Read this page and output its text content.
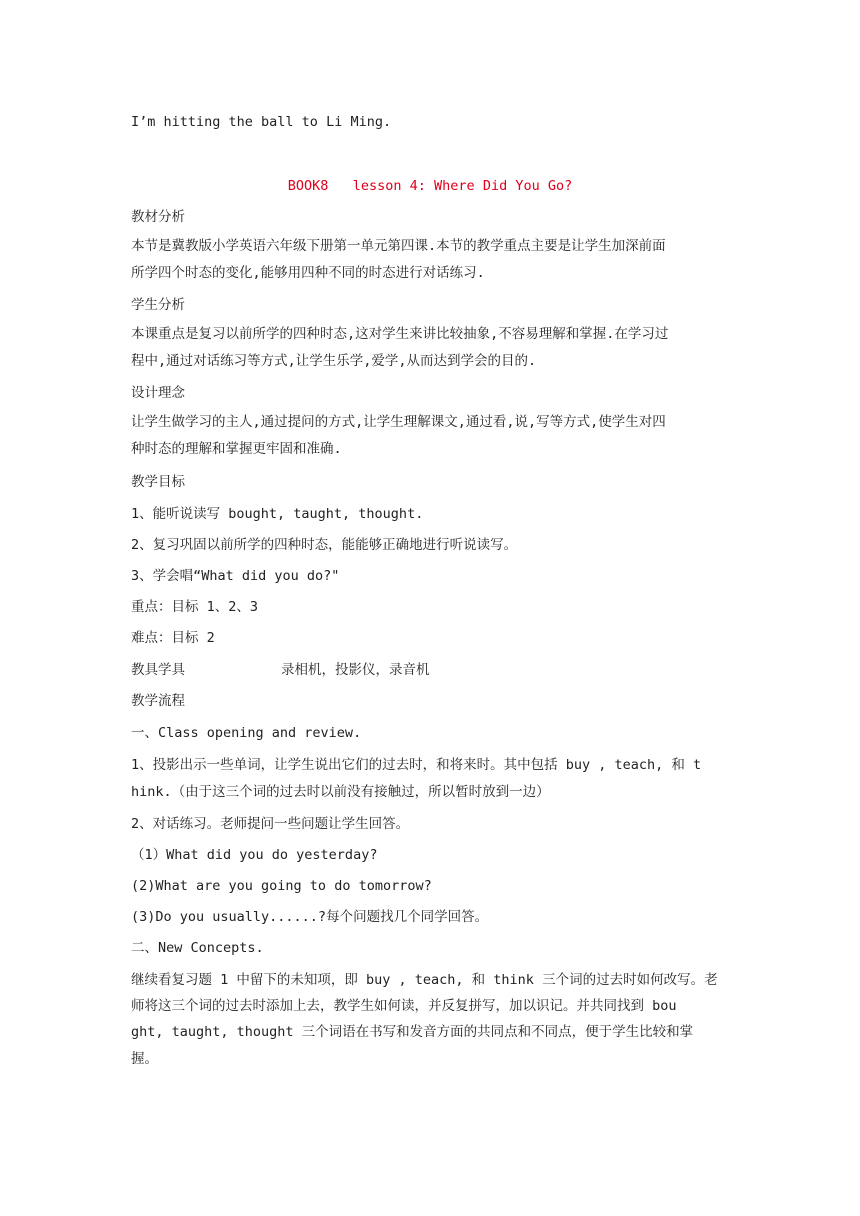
I’m hitting the ball to Li Ming.
BOOK8   lesson 4: Where Did You Go?
教材分析
本节是冀教版小学英语六年级下册第一单元第四课.本节的教学重点主要是让学生加深前面
所学四个时态的变化,能够用四种不同的时态进行对话练习.
学生分析
本课重点是复习以前所学的四种时态,这对学生来讲比较抽象,不容易理解和掌握.在学习过
程中,通过对话练习等方式,让学生乐学,爱学,从而达到学会的目的.
设计理念
让学生做学习的主人,通过提问的方式,让学生理解课文,通过看,说,写等方式,使学生对四
种时态的理解和掌握更牢固和准确.
教学目标
1、能听说读写 bought, taught, thought.
2、复习巩固以前所学的四种时态，能能够正确地进行听说读写。
3、学会唱“What did you do?"
重点：目标 1、2、3
难点：目标 2
教具学具	录相机，投影仪，录音机
教学流程
一、Class opening and review.
1、投影出示一些单词，让学生说出它们的过去时，和将来时。其中包括 buy , teach, 和 t
hink.（由于这三个词的过去时以前没有接触过，所以暂时放到一边）
2、对话练习。老师提问一些问题让学生回答。
（1）What did you do yesterday?
(2)What are you going to do tomorrow?
(3)Do you usually......?每个问题找几个同学回答。
二、New Concepts.
继续看复习题 1 中留下的未知项，即 buy , teach, 和 think 三个词的过去时如何改写。老
师将这三个词的过去时添加上去，教学生如何读，并反复拼写，加以识记。并共同找到 bou
ght, taught, thought 三个词语在书写和发音方面的共同点和不同点，便于学生比较和掌
握。
